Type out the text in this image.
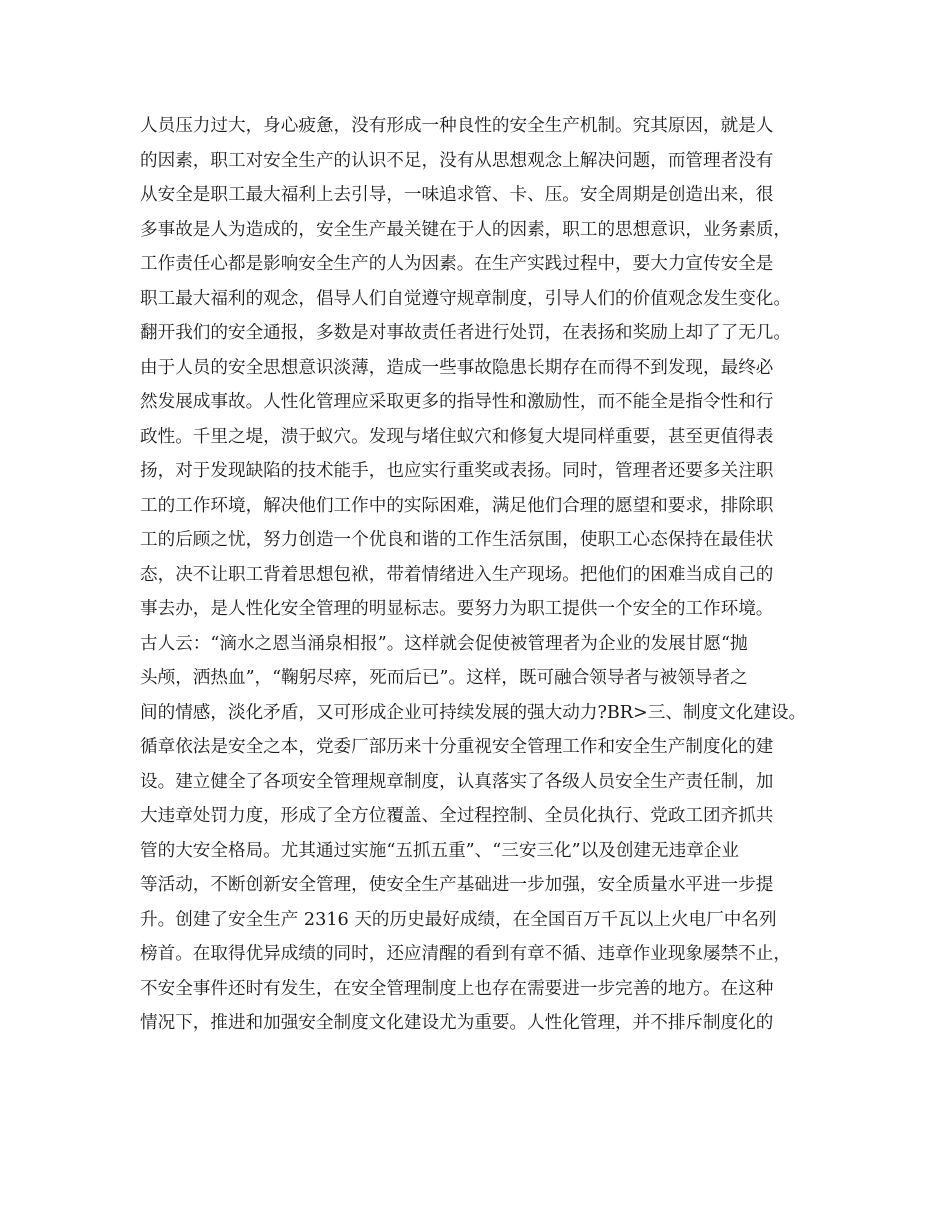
人员压力过大，身心疲惫，没有形成一种良性的安全生产机制。究其原因，就是人
的因素，职工对安全生产的认识不足，没有从思想观念上解决问题，而管理者没有
从安全是职工最大福利上去引导，一味追求管、卡、压。安全周期是创造出来，很
多事故是人为造成的，安全生产最关键在于人的因素，职工的思想意识，业务素质，
工作责任心都是影响安全生产的人为因素。在生产实践过程中，要大力宣传安全是
职工最大福利的观念，倡导人们自觉遵守规章制度，引导人们的价值观念发生变化。
翻开我们的安全通报，多数是对事故责任者进行处罚，在表扬和奖励上却了了无几。
由于人员的安全思想意识淡薄，造成一些事故隐患长期存在而得不到发现，最终必
然发展成事故。人性化管理应采取更多的指导性和激励性，而不能全是指令性和行
政性。千里之堤，溃于蚁穴。发现与堵住蚁穴和修复大堤同样重要，甚至更值得表
扬，对于发现缺陷的技术能手，也应实行重奖或表扬。同时，管理者还要多关注职
工的工作环境，解决他们工作中的实际困难，满足他们合理的愿望和要求，排除职
工的后顾之忧，努力创造一个优良和谐的工作生活氛围，使职工心态保持在最佳状
态，决不让职工背着思想包袱，带着情绪进入生产现场。把他们的困难当成自己的
事去办，是人性化安全管理的明显标志。要努力为职工提供一个安全的工作环境。
古人云：“滴水之恩当涌泉相报”。这样就会促使被管理者为企业的发展甘愿“抛
头颅，洒热血”，“鞠躬尽瘁，死而后已”。这样，既可融合领导者与被领导者之
间的情感，淡化矛盾，又可形成企业可持续发展的强大动力?BR>三、制度文化建设。
循章依法是安全之本，党委厂部历来十分重视安全管理工作和安全生产制度化的建
设。建立健全了各项安全管理规章制度，认真落实了各级人员安全生产责任制，加
大违章处罚力度，形成了全方位覆盖、全过程控制、全员化执行、党政工团齐抓共
管的大安全格局。尤其通过实施“五抓五重”、“三安三化”以及创建无违章企业
等活动，不断创新安全管理，使安全生产基础进一步加强，安全质量水平进一步提
升。创建了安全生产 2316 天的历史最好成绩，在全国百万千瓦以上火电厂中名列
榜首。在取得优异成绩的同时，还应清醒的看到有章不循、违章作业现象屡禁不止，
不安全事件还时有发生，在安全管理制度上也存在需要进一步完善的地方。在这种
情况下，推进和加强安全制度文化建设尤为重要。人性化管理，并不排斥制度化的
